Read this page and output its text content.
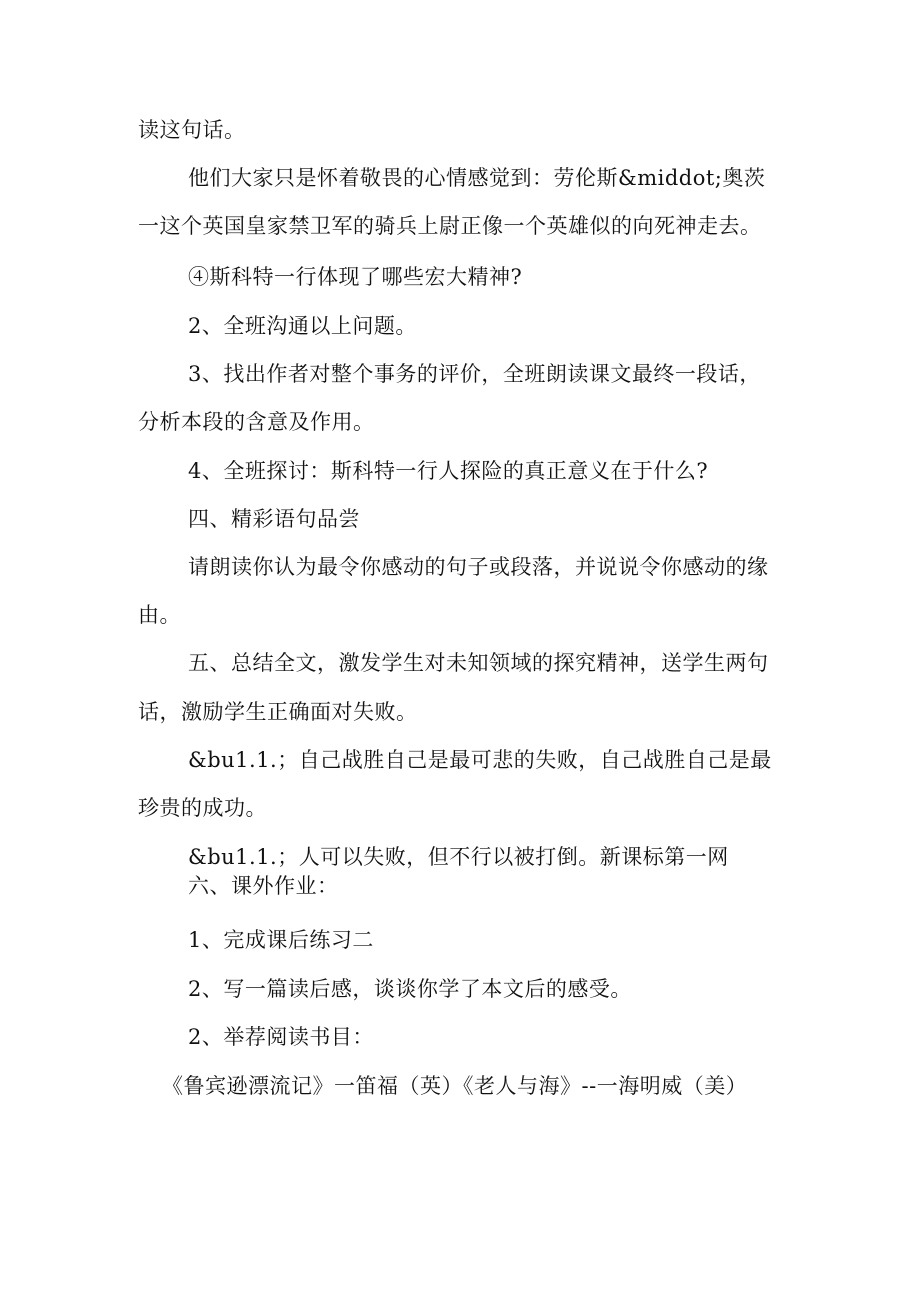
读这句话。
他们大家只是怀着敬畏的心情感觉到：劳伦斯&middot;奥茨
一这个英国皇家禁卫军的骑兵上尉正像一个英雄似的向死神走去。
④斯科特一行体现了哪些宏大精神?
2、全班沟通以上问题。
3、找出作者对整个事务的评价，全班朗读课文最终一段话，
分析本段的含意及作用。
4、全班探讨：斯科特一行人探险的真正意义在于什么?
四、精彩语句品尝
请朗读你认为最令你感动的句子或段落，并说说令你感动的缘
由。
五、总结全文，激发学生对未知领域的探究精神，送学生两句
话，激励学生正确面对失败。
&bu1.1.；自己战胜自己是最可悲的失败，自己战胜自己是最
珍贵的成功。
&bu1.1.；人可以失败，但不行以被打倒。新课标第一网
六、课外作业：
1、完成课后练习二
2、写一篇读后感，谈谈你学了本文后的感受。
2、举荐阅读书目：
《鲁宾逊漂流记》一笛福（英）《老人与海》--一海明威（美）
